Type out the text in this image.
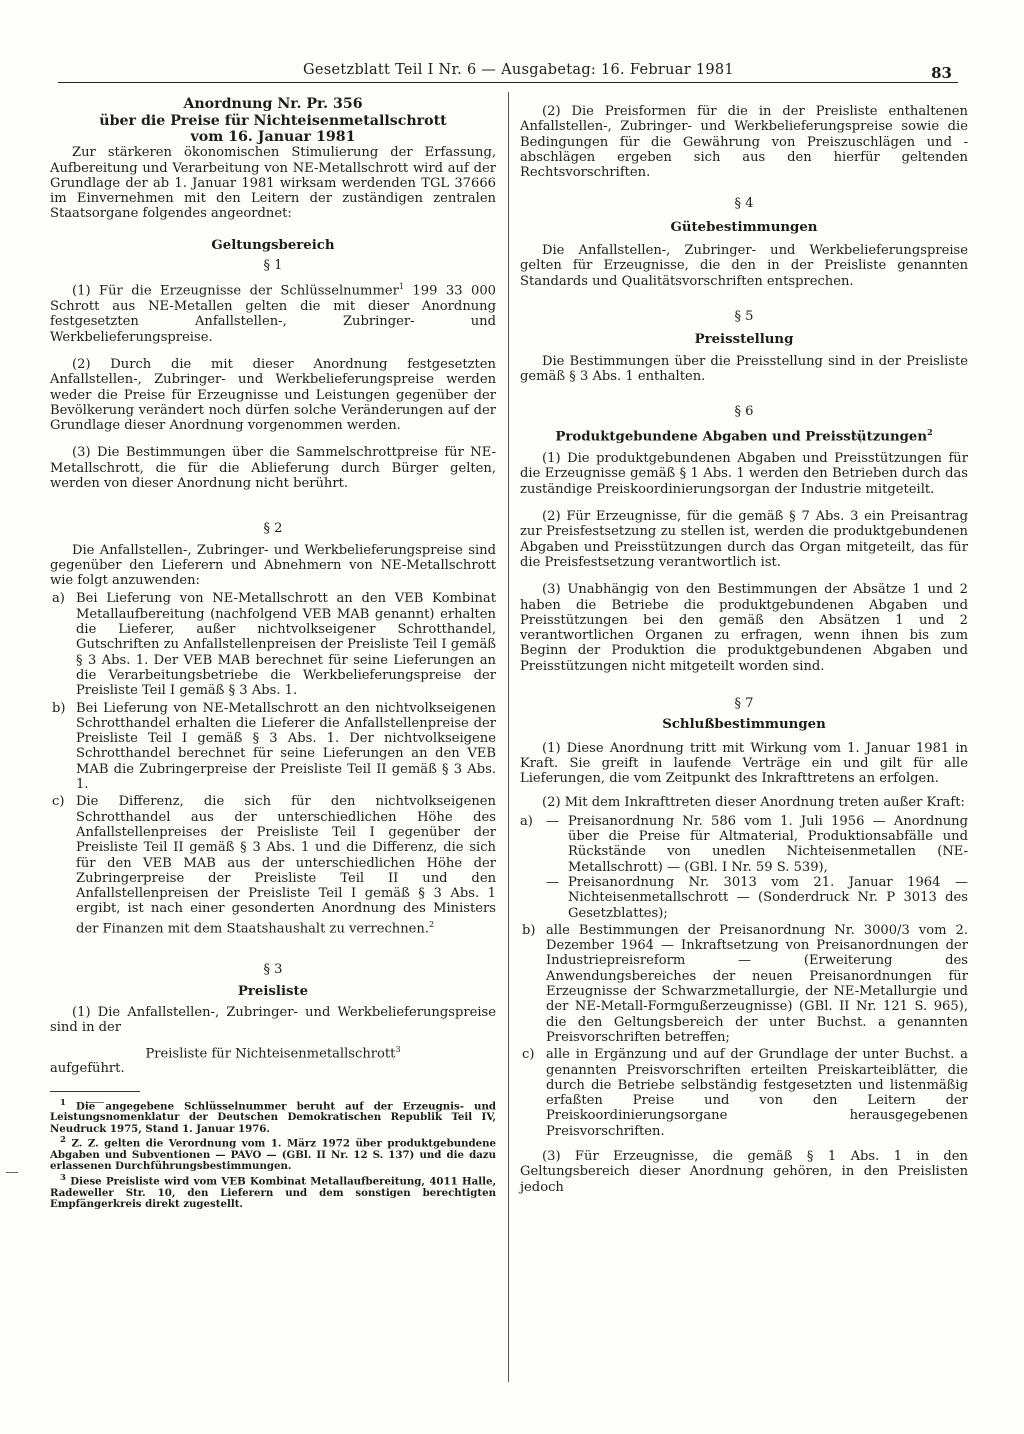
Gesetzblatt Teil I Nr. 6 — Ausgabetag: 16. Februar 1981	83

Anordnung Nr. Pr. 356

über die Preise für Nichteisenmetallschrott

vom 16. Januar 1981

Zur stärkeren ökonomischen Stimulierung der Erfassung, Aufbereitung und Verarbeitung von NE-Metallschrott wird auf der Grundlage der ab 1. Januar 1981 wirksam werdenden TGL 37666 im Einvernehmen mit den Leitern der zuständigen zentralen Staatsorgane folgendes angeordnet:

Geltungsbereich

§ 1

(1) Für die Erzeugnisse der Schlüsselnummer$^1$ 199 33 000 Schrott aus NE-Metallen gelten die mit dieser Anordnung festgesetzten Anfallstellen-, Zubringer- und Werkbelieferungspreise.

(2) Durch die mit dieser Anordnung festgesetzten Anfallstellen-, Zubringer- und Werkbelieferungspreise werden weder die Preise für Erzeugnisse und Leistungen gegenüber der Bevölkerung verändert noch dürfen solche Veränderungen auf der Grundlage dieser Anordnung vorgenommen werden.

(3) Die Bestimmungen über die Sammelschrottpreise für NE-Metallschrott, die für die Ablieferung durch Bürger gelten, werden von dieser Anordnung nicht berührt.

§ 2

Die Anfallstellen-, Zubringer- und Werkbelieferungspreise sind gegenüber den Lieferern und Abnehmern von NE-Metallschrott wie folgt anzuwenden:

a) Bei Lieferung von NE-Metallschrott an den VEB Kombinat Metallaufbereitung (nachfolgend VEB MAB genannt) erhalten die Lieferer, außer nichtvolkseigener Schrotthandel, Gutschriften zu Anfallstellenpreisen der Preisliste Teil I gemäß § 3 Abs. 1. Der VEB MAB berechnet für seine Lieferungen an die Verarbeitungsbetriebe die Werkbelieferungspreise der Preisliste Teil I gemäß § 3 Abs. 1.

b) Bei Lieferung von NE-Metallschrott an den nichtvolkseigenen Schrotthandel erhalten die Lieferer die Anfallstellenpreise der Preisliste Teil I gemäß § 3 Abs. 1. Der nichtvolkseigene Schrotthandel berechnet für seine Lieferungen an den VEB MAB die Zubringerpreise der Preisliste Teil II gemäß § 3 Abs. 1.

c) Die Differenz, die sich für den nichtvolkseigenen Schrotthandel aus der unterschiedlichen Höhe des Anfallstellenpreises der Preisliste Teil I gegenüber der Preisliste Teil II gemäß § 3 Abs. 1 und die Differenz, die sich für den VEB MAB aus der unterschiedlichen Höhe der Zubringerpreise der Preisliste Teil II und den Anfallstellenpreisen der Preisliste Teil I gemäß § 3 Abs. 1 ergibt, ist nach einer gesonderten Anordnung des Ministers der Finanzen mit dem Staatshaushalt zu verrechnen.$^2$

§ 3

Preisliste

(1) Die Anfallstellen-, Zubringer- und Werkbelieferungspreise sind in der

Preisliste für Nichteisenmetallschrott$^3$

aufgeführt.

$^1$ Die angegebene Schlüsselnummer beruht auf der Erzeugnis- und Leistungsnomenklatur der Deutschen Demokratischen Republik Teil IV, Neudruck 1975, Stand 1. Januar 1976.

$^2$ Z. Z. gelten die Verordnung vom 1. März 1972 über produktgebundene Abgaben und Subventionen — PAVO — (GBl. II Nr. 12 S. 137) und die dazu erlassenen Durchführungsbestimmungen.

$^3$ Diese Preisliste wird vom VEB Kombinat Metallaufbereitung, 4011 Halle, Radeweller Str. 10, den Lieferern und dem sonstigen berechtigten Empfängerkreis direkt zugestellt.

(2) Die Preisformen für die in der Preisliste enthaltenen Anfallstellen-, Zubringer- und Werkbelieferungspreise sowie die Bedingungen für die Gewährung von Preiszuschlägen und -abschlägen ergeben sich aus den hierfür geltenden Rechtsvorschriften.

§ 4

Gütebestimmungen

Die Anfallstellen-, Zubringer- und Werkbelieferungspreise gelten für Erzeugnisse, die den in der Preisliste genannten Standards und Qualitätsvorschriften entsprechen.

§ 5

Preisstellung

Die Bestimmungen über die Preisstellung sind in der Preisliste gemäß § 3 Abs. 1 enthalten.

§ 6

Produktgebundene Abgaben und Preisstützungen$^2$

(1) Die produktgebundenen Abgaben und Preisstützungen für die Erzeugnisse gemäß § 1 Abs. 1 werden den Betrieben durch das zuständige Preiskoordinierungsorgan der Industrie mitgeteilt.

(2) Für Erzeugnisse, für die gemäß § 7 Abs. 3 ein Preisantrag zur Preisfestsetzung zu stellen ist, werden die produktgebundenen Abgaben und Preisstützungen durch das Organ mitgeteilt, das für die Preisfestsetzung verantwortlich ist.

(3) Unabhängig von den Bestimmungen der Absätze 1 und 2 haben die Betriebe die produktgebundenen Abgaben und Preisstützungen bei den gemäß den Absätzen 1 und 2 verantwortlichen Organen zu erfragen, wenn ihnen bis zum Beginn der Produktion die produktgebundenen Abgaben und Preisstützungen nicht mitgeteilt worden sind.

§ 7

Schlußbestimmungen

(1) Diese Anordnung tritt mit Wirkung vom 1. Januar 1981 in Kraft. Sie greift in laufende Verträge ein und gilt für alle Lieferungen, die vom Zeitpunkt des Inkrafttretens an erfolgen.

(2) Mit dem Inkrafttreten dieser Anordnung treten außer Kraft:

a) — Preisanordnung Nr. 586 vom 1. Juli 1956 — Anordnung über die Preise für Altmaterial, Produktionsabfälle und Rückstände von unedlen Nichteisenmetallen (NE-Metallschrott) — (GBl. I Nr. 59 S. 539),

— Preisanordnung Nr. 3013 vom 21. Januar 1964 — Nichteisenmetallschrott — (Sonderdruck Nr. P 3013 des Gesetzblattes);

b) alle Bestimmungen der Preisanordnung Nr. 3000/3 vom 2. Dezember 1964 — Inkraftsetzung von Preisanordnungen der Industriepreisreform — (Erweiterung des Anwendungsbereiches der neuen Preisanordnungen für Erzeugnisse der Schwarzmetallurgie, der NE-Metallurgie und der NE-Metall-Formgußerzeugnisse) (GBl. II Nr. 121 S. 965), die den Geltungsbereich der unter Buchst. a genannten Preisvorschriften betreffen;

c) alle in Ergänzung und auf der Grundlage der unter Buchst. a genannten Preisvorschriften erteilten Preiskarteiblätter, die durch die Betriebe selbständig festgesetzten und listenmäßig erfaßten Preise und von den Leitern der Preiskoordinierungsorgane herausgegebenen Preisvorschriften.

(3) Für Erzeugnisse, die gemäß § 1 Abs. 1 in den Geltungsbereich dieser Anordnung gehören, in den Preislisten jedoch
